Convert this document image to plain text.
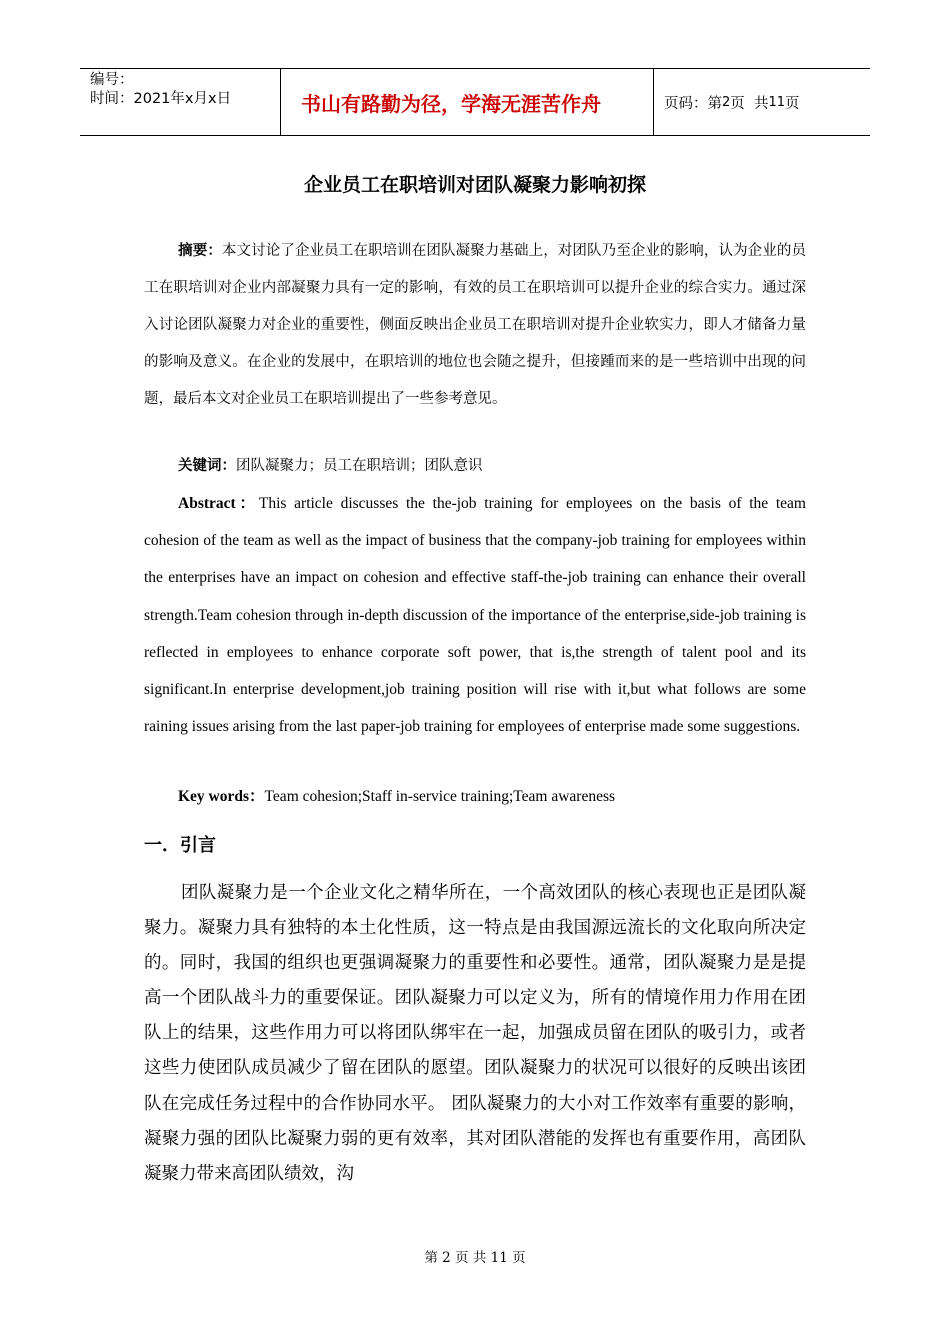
编号：
时间：2021年x月x日	书山有路勤为径，学海无涯苦作舟	页码：第 2 页  共 11 页
企业员工在职培训对团队凝聚力影响初探
摘要：本文讨论了企业员工在职培训在团队凝聚力基础上，对团队乃至企业的影响，认为企业的员工在职培训对企业内部凝聚力具有一定的影响，有效的员工在职培训可以提升企业的综合实力。通过深入讨论团队凝聚力对企业的重要性，侧面反映出企业员工在职培训对提升企业软实力，即人才储备力量的影响及意义。在企业的发展中，在职培训的地位也会随之提升，但接踵而来的是一些培训中出现的问题，最后本文对企业员工在职培训提出了一些参考意见。
关键词：团队凝聚力；员工在职培训；团队意识
Abstract：This article discusses the the-job training for employees on the basis of the team cohesion of the team as well as the impact of business that the company-job training for employees within the enterprises have an impact on cohesion and effective staff-the-job training can enhance their overall strength.Team cohesion through in-depth discussion of the importance of the enterprise,side-job training is reflected in employees to enhance corporate soft power, that is,the strength of talent pool and its significant.In enterprise development,job training position will rise with it,but what follows are some raining issues arising from the last paper-job training for employees of enterprise made some suggestions.
Key words：Team cohesion;Staff in-service training;Team awareness
一．引言
团队凝聚力是一个企业文化之精华所在，一个高效团队的核心表现也正是团队凝聚力。凝聚力具有独特的本土化性质，这一特点是由我国源远流长的文化取向所决定的。同时，我国的组织也更强调凝聚力的重要性和必要性。通常，团队凝聚力是是提高一个团队战斗力的重要保证。团队凝聚力可以定义为，所有的情境作用力作用在团队上的结果，这些作用力可以将团队绑牢在一起，加强成员留在团队的吸引力，或者这些力使团队成员减少了留在团队的愿望。团队凝聚力的状况可以很好的反映出该团队在完成任务过程中的合作协同水平。 团队凝聚力的大小对工作效率有重要的影响，凝聚力强的团队比凝聚力弱的更有效率，其对团队潜能的发挥也有重要作用，高团队凝聚力带来高团队绩效，沟
第 2 页 共 11 页
